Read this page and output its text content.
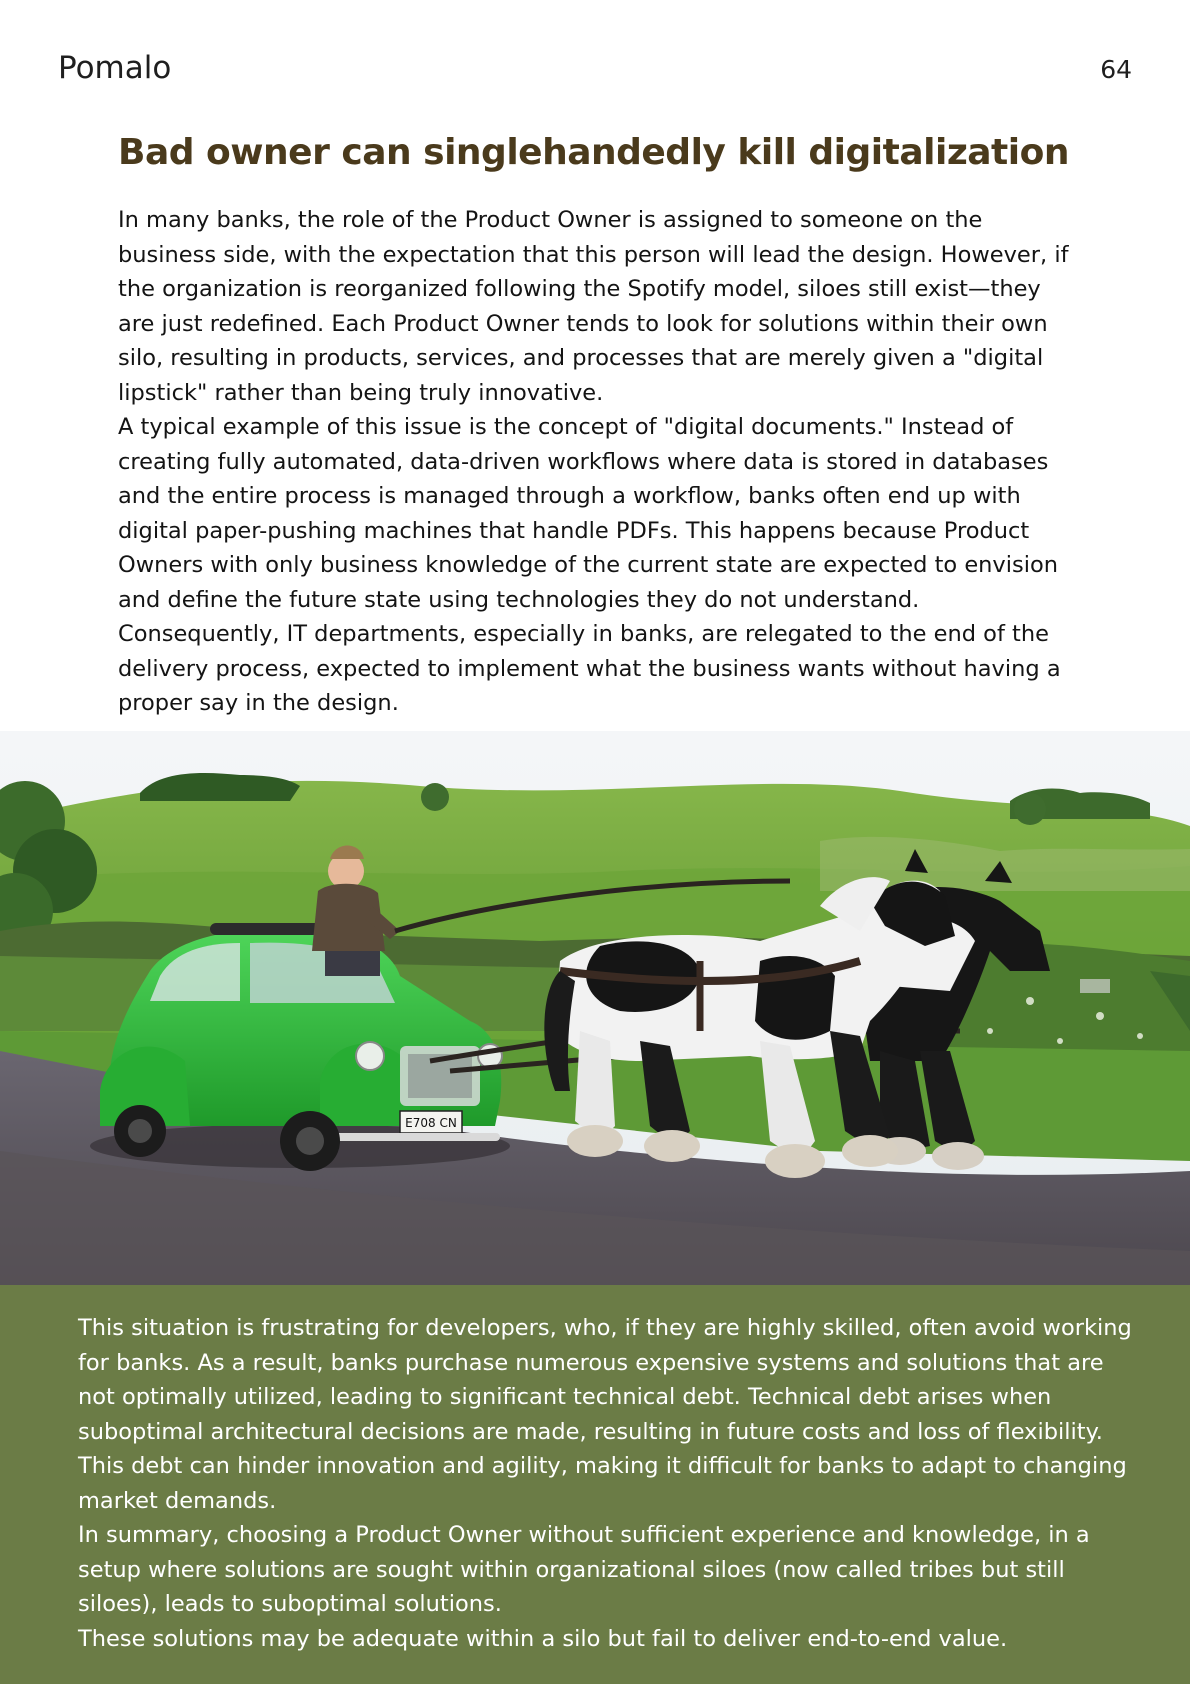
Pomalo	64
Bad owner can singlehandedly kill digitalization

In many banks, the role of the Product Owner is assigned to someone on the business side, with the expectation that this person will lead the design. However, if the organization is reorganized following the Spotify model, siloes still exist—they are just redefined. Each Product Owner tends to look for solutions within their own silo, resulting in products, services, and processes that are merely given a "digital lipstick" rather than being truly innovative.

A typical example of this issue is the concept of "digital documents." Instead of creating fully automated, data-driven workflows where data is stored in databases and the entire process is managed through a workflow, banks often end up with digital paper-pushing machines that handle PDFs. This happens because Product Owners with only business knowledge of the current state are expected to envision and define the future state using technologies they do not understand.

Consequently, IT departments, especially in banks, are relegated to the end of the delivery process, expected to implement what the business wants without having a proper say in the design.

E708 CN

This situation is frustrating for developers, who, if they are highly skilled, often avoid working for banks. As a result, banks purchase numerous expensive systems and solutions that are not optimally utilized, leading to significant technical debt. Technical debt arises when suboptimal architectural decisions are made, resulting in future costs and loss of flexibility. This debt can hinder innovation and agility, making it difficult for banks to adapt to changing market demands.

In summary, choosing a Product Owner without sufficient experience and knowledge, in a setup where solutions are sought within organizational siloes (now called tribes but still siloes), leads to suboptimal solutions.

These solutions may be adequate within a silo but fail to deliver end-to-end value.
